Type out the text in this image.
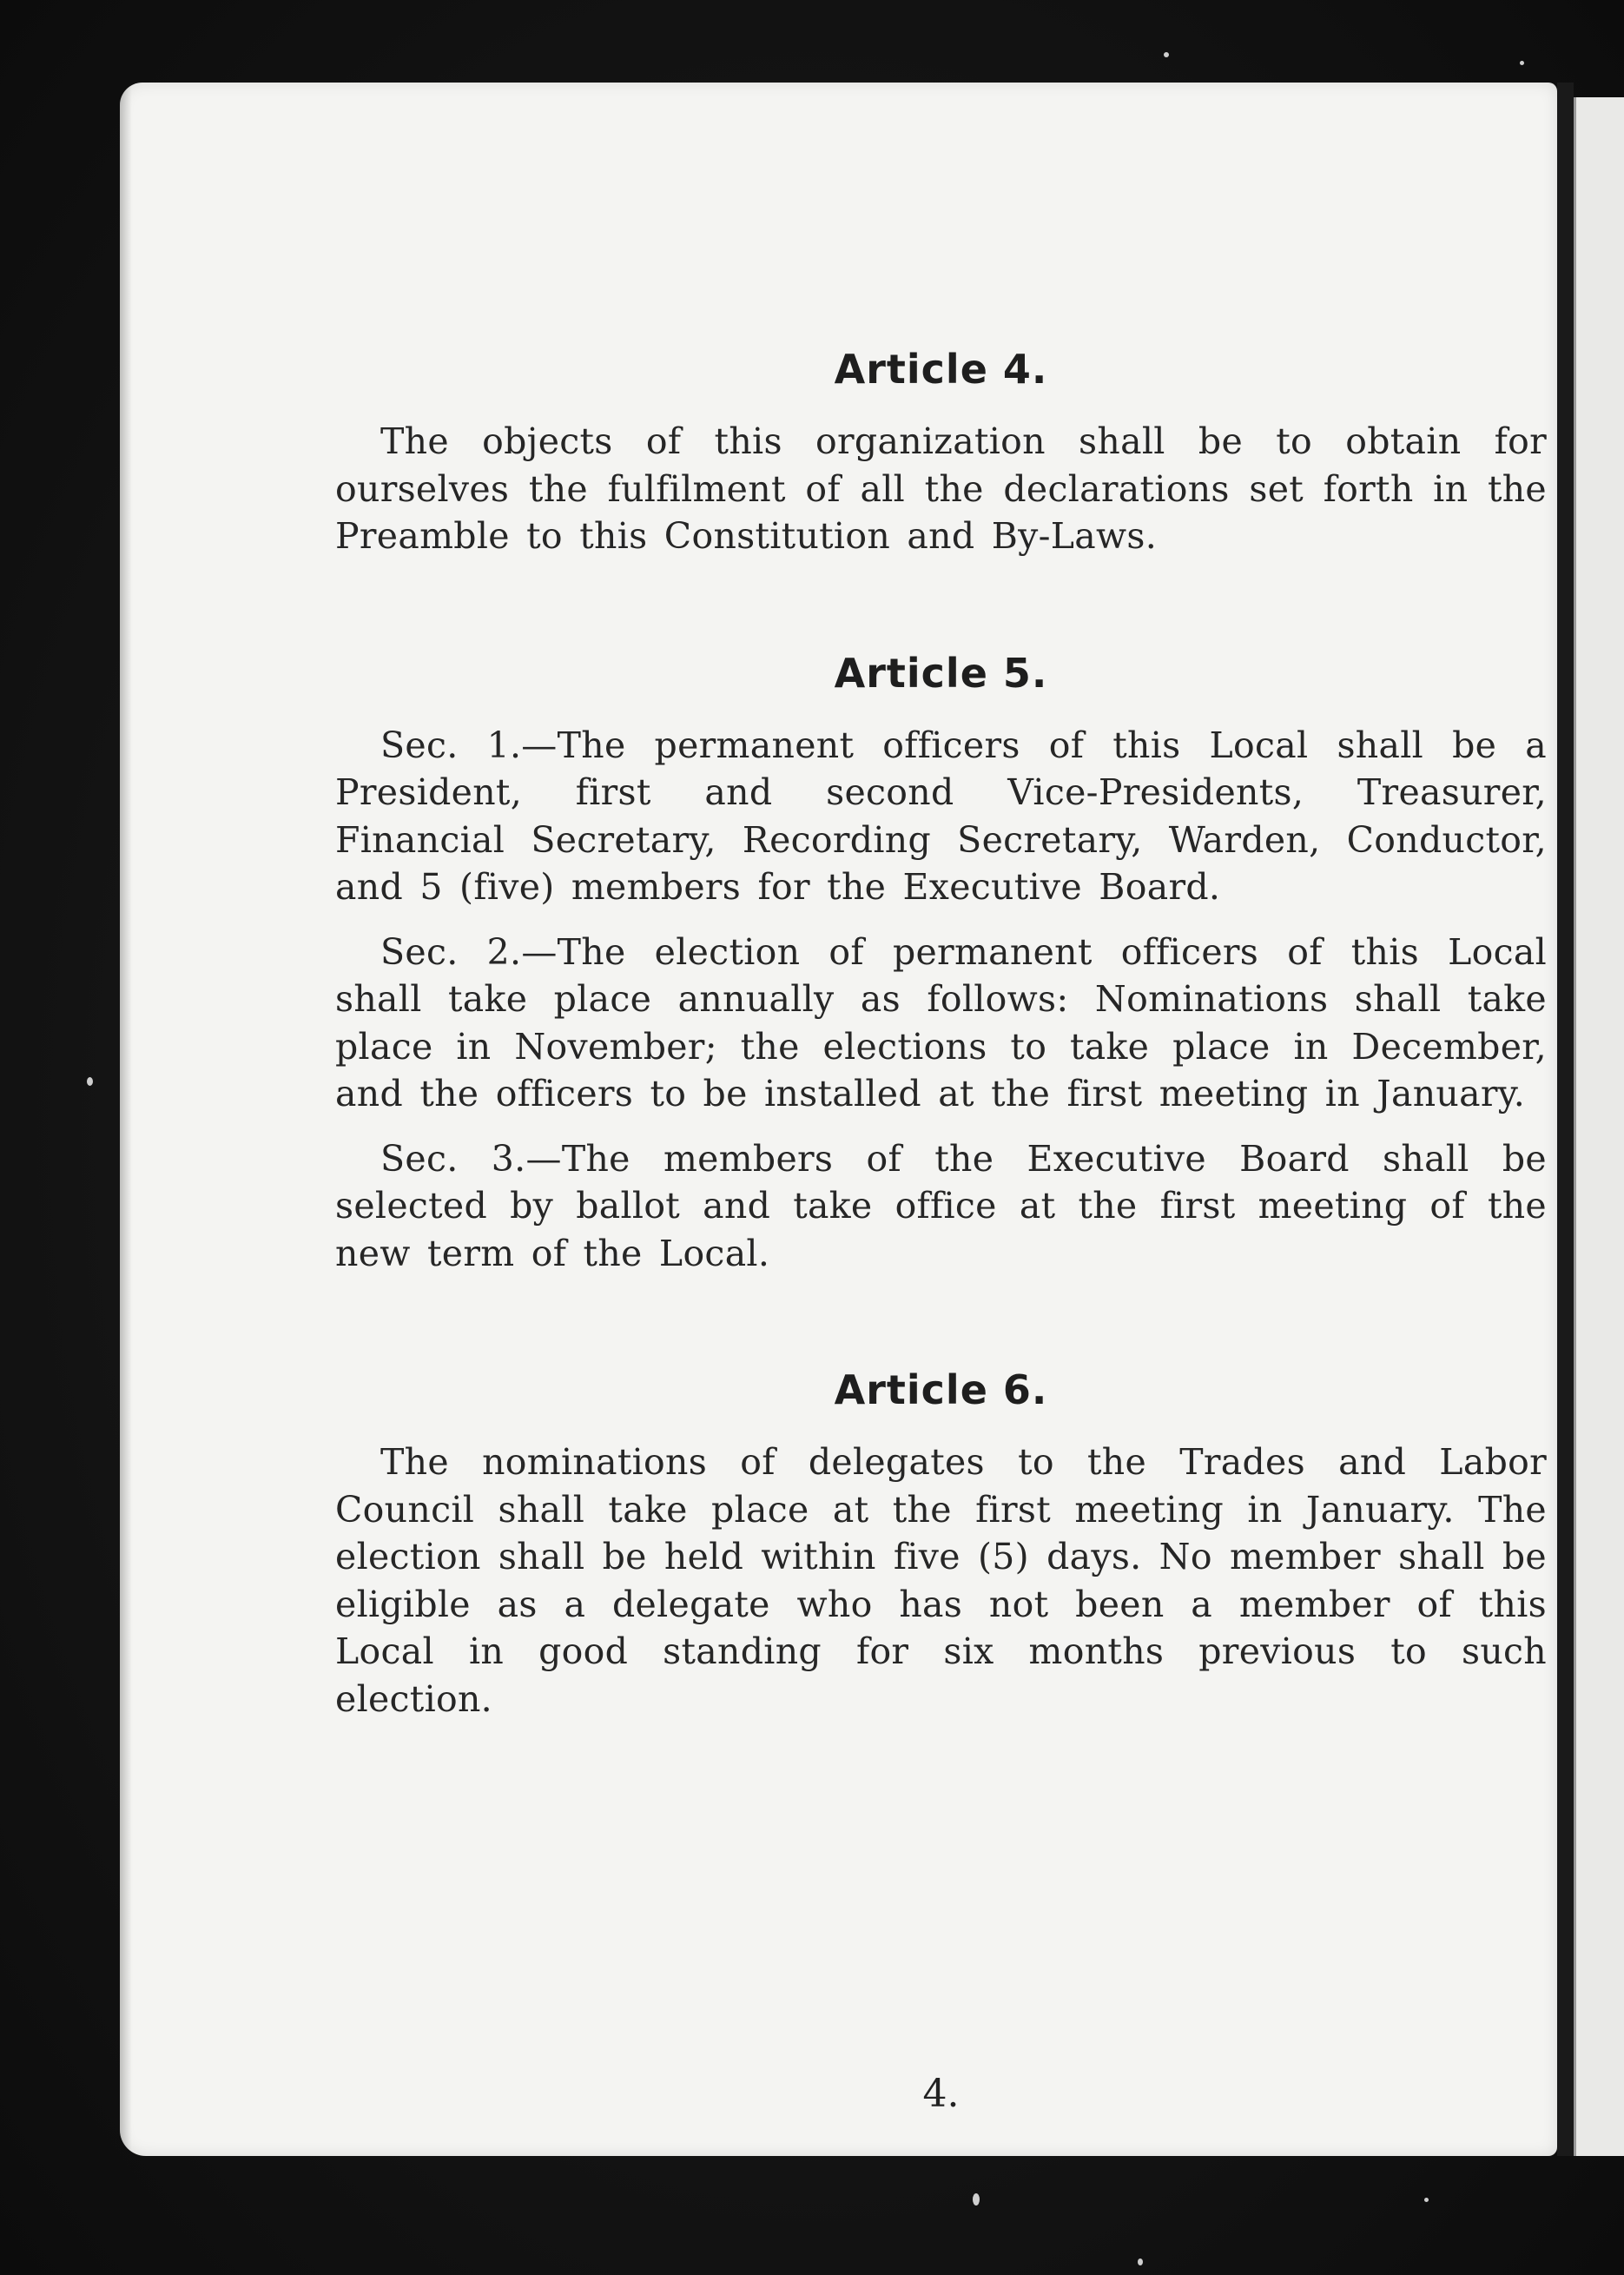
Article 4.

The objects of this organization shall be to obtain for ourselves the fulfilment of all the declarations set forth in the Preamble to this Constitution and By-Laws.

Article 5.

Sec. 1.—The permanent officers of this Local shall be a President, first and second Vice-Presidents, Treasurer, Financial Secretary, Recording Secretary, Warden, Conductor, and 5 (five) members for the Executive Board.

Sec. 2.—The election of permanent officers of this Local shall take place annually as follows: Nominations shall take place in November; the elections to take place in December, and the officers to be installed at the first meeting in January.

Sec. 3.—The members of the Executive Board shall be selected by ballot and take office at the first meeting of the new term of the Local.

Article 6.

The nominations of delegates to the Trades and Labor Council shall take place at the first meeting in January. The election shall be held within five (5) days. No member shall be eligible as a delegate who has not been a member of this Local in good standing for six months previous to such election.

4.
